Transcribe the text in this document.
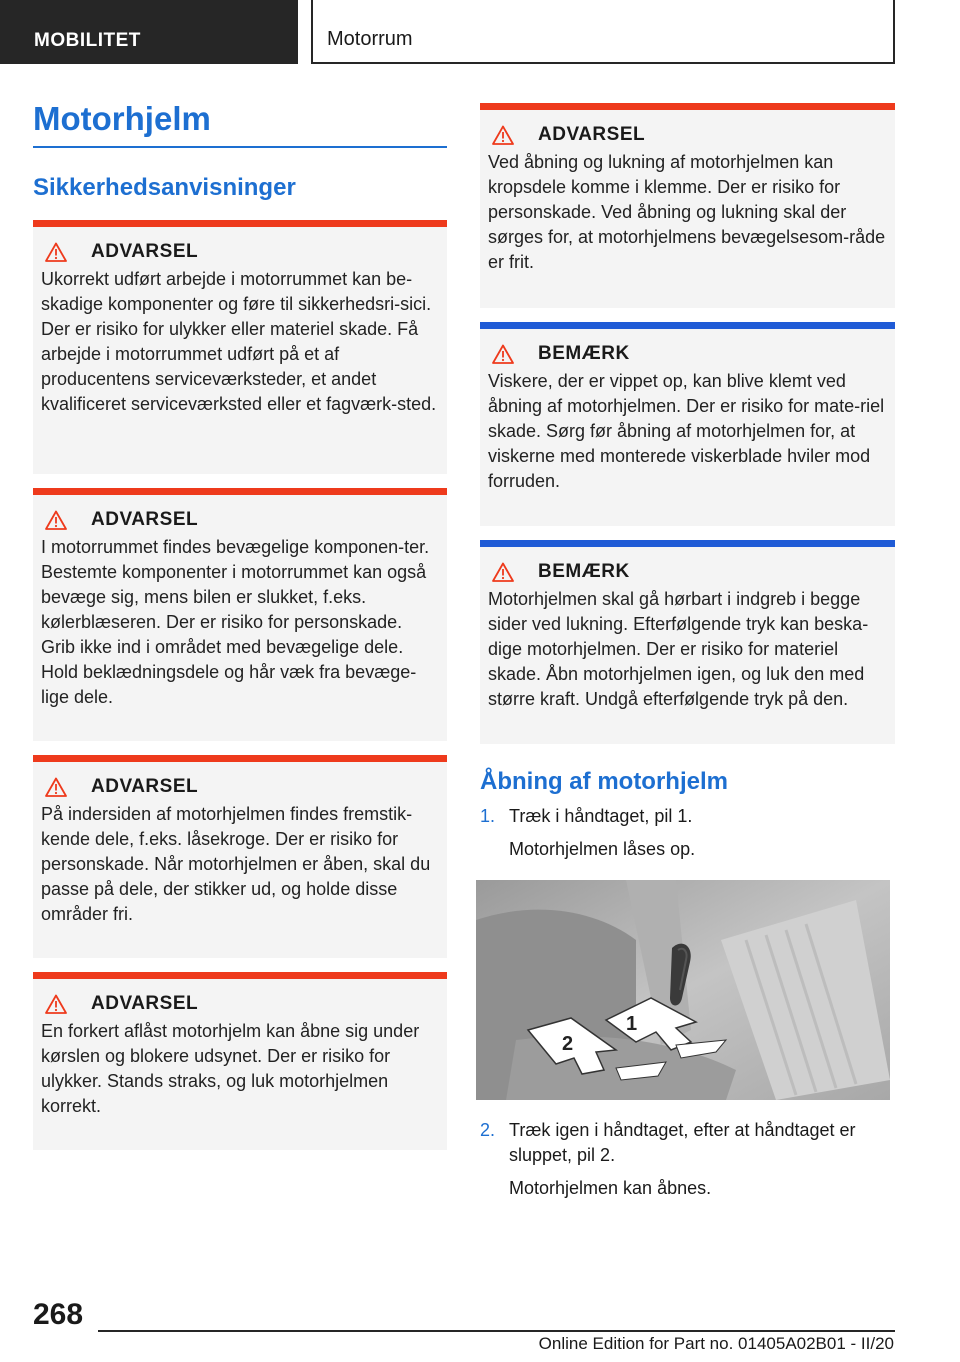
MOBILITET	Motorrum
Motorhjelm
Sikkerhedsanvisninger
ADVARSEL
Ukorrekt udført arbejde i motorrummet kan be-skadige komponenter og føre til sikkerhedsri-sici. Der er risiko for ulykker eller materiel skade. Få arbejde i motorrummet udført på et af producentens serviceværksteder, et andet kvalificeret serviceværksted eller et fagværk-sted.
ADVARSEL
I motorrummet findes bevægelige komponen-ter. Bestemte komponenter i motorrummet kan også bevæge sig, mens bilen er slukket, f.eks. kølerblæseren. Der er risiko for personskade. Grib ikke ind i området med bevægelige dele. Hold beklædningsdele og hår væk fra bevæge-lige dele.
ADVARSEL
På indersiden af motorhjelmen findes fremstik-kende dele, f.eks. låsekroge. Der er risiko for personskade. Når motorhjelmen er åben, skal du passe på dele, der stikker ud, og holde disse områder fri.
ADVARSEL
En forkert aflåst motorhjelm kan åbne sig under kørslen og blokere udsynet. Der er risiko for ulykker. Stands straks, og luk motorhjelmen korrekt.
ADVARSEL
Ved åbning og lukning af motorhjelmen kan kropsdele komme i klemme. Der er risiko for personskade. Ved åbning og lukning skal der sørges for, at motorhjelmens bevægelsesom-råde er frit.
BEMÆRK
Viskere, der er vippet op, kan blive klemt ved åbning af motorhjelmen. Der er risiko for mate-riel skade. Sørg før åbning af motorhjelmen for, at viskerne med monterede viskerblade hviler mod forruden.
BEMÆRK
Motorhjelmen skal gå hørbart i indgreb i begge sider ved lukning. Efterfølgende tryk kan beska-dige motorhjelmen. Der er risiko for materiel skade. Åbn motorhjelmen igen, og luk den med større kraft. Undgå efterfølgende tryk på den.
Åbning af motorhjelm
1. Træk i håndtaget, pil 1.
Motorhjelmen låses op.
1
2
2. Træk igen i håndtaget, efter at håndtaget er sluppet, pil 2.
Motorhjelmen kan åbnes.
268
Online Edition for Part no. 01405A02B01 - II/20
